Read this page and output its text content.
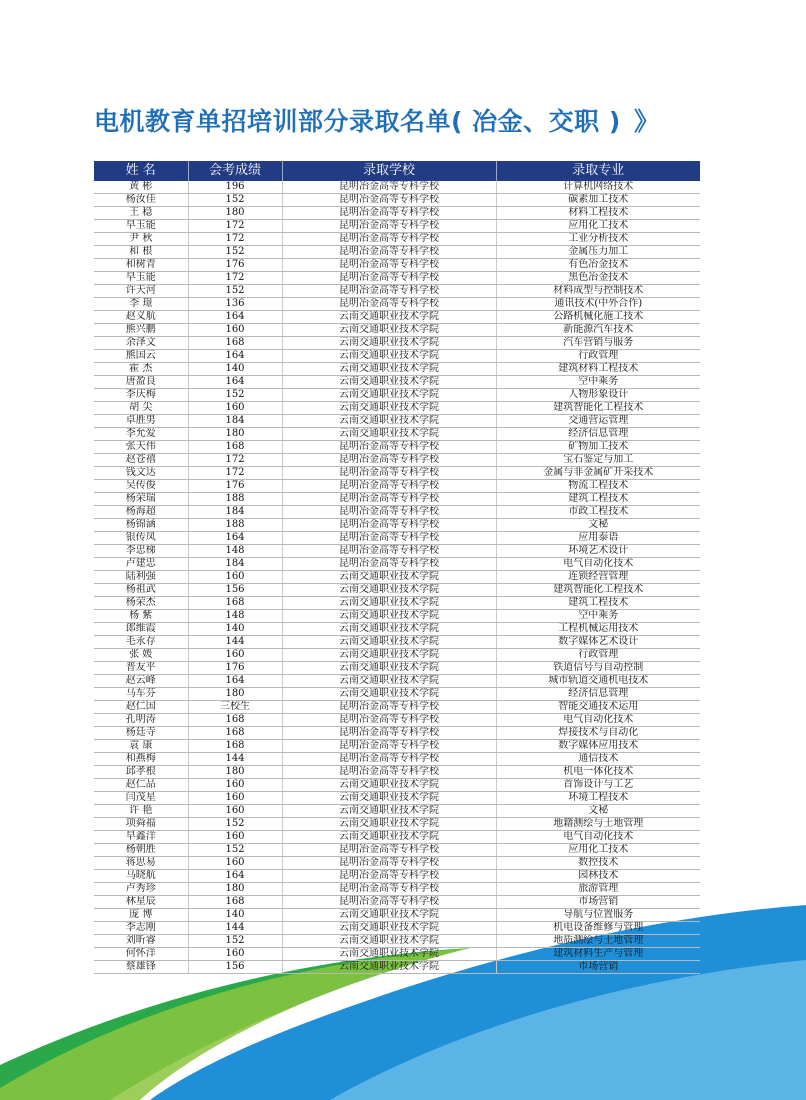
电机教育单招培训部分录取名单( 冶金、交职 ) 》
姓 名	会考成绩	录取学校	录取专业
黄 彬	196	昆明冶金高等专科学校	计算机网络技术
杨汝佳	152	昆明冶金高等专科学校	碳素加工技术
王 稳	180	昆明冶金高等专科学校	材料工程技术
早玉能	172	昆明冶金高等专科学校	应用化工技术
尹 秋	172	昆明冶金高等专科学校	工业分析技术
和 根	152	昆明冶金高等专科学校	金属压力加工
和树青	176	昆明冶金高等专科学校	有色冶金技术
早玉能	172	昆明冶金高等专科学校	黑色冶金技术
许天河	152	昆明冶金高等专科学校	材料成型与控制技术
李 璟	136	昆明冶金高等专科学校	通讯技术(中外合作)
赵义航	164	云南交通职业技术学院	公路机械化施工技术
熊兴鹏	160	云南交通职业技术学院	新能源汽车技术
余泽文	168	云南交通职业技术学院	汽车营销与服务
熊国云	164	云南交通职业技术学院	行政管理
霍 杰	140	云南交通职业技术学院	建筑材料工程技术
唐盈良	164	云南交通职业技术学院	空中乘务
李庆梅	152	云南交通职业技术学院	人物形象设计
胡 尖	160	云南交通职业技术学院	建筑智能化工程技术
卓胜男	184	云南交通职业技术学院	交通营运管理
李允爱	180	云南交通职业技术学院	经济信息管理
张天伟	168	昆明冶金高等专科学校	矿物加工技术
赵苍禧	172	昆明冶金高等专科学校	宝石鉴定与加工
钱文达	172	昆明冶金高等专科学校	金属与非金属矿开采技术
吴传俊	176	昆明冶金高等专科学校	物流工程技术
杨荣瑞	188	昆明冶金高等专科学校	建筑工程技术
杨海超	184	昆明冶金高等专科学校	市政工程技术
杨锦涵	188	昆明冶金高等专科学校	文秘
银传凤	164	昆明冶金高等专科学校	应用泰语
李忠梯	148	昆明冶金高等专科学校	环境艺术设计
卢建忠	184	昆明冶金高等专科学校	电气自动化技术
陆利强	160	云南交通职业技术学院	连锁经营管理
杨祖武	156	云南交通职业技术学院	建筑智能化工程技术
杨荣杰	168	云南交通职业技术学院	建筑工程技术
杨 紫	148	云南交通职业技术学院	空中乘务
郎维霞	140	云南交通职业技术学院	工程机械运用技术
毛永存	144	云南交通职业技术学院	数字媒体艺术设计
张 媛	160	云南交通职业技术学院	行政管理
普友平	176	云南交通职业技术学院	铁道信号与自动控制
赵云峰	164	云南交通职业技术学院	城市轨道交通机电技术
马车芬	180	云南交通职业技术学院	经济信息管理
赵仁国	三校生	昆明冶金高等专科学校	智能交通技术运用
孔明涛	168	昆明冶金高等专科学校	电气自动化技术
杨廷寺	168	昆明冶金高等专科学校	焊接技术与自动化
袁 康	168	昆明冶金高等专科学校	数字媒体应用技术
和燕梅	144	昆明冶金高等专科学校	通信技术
邱孝根	180	昆明冶金高等专科学校	机电一体化技术
赵仁品	160	云南交通职业技术学院	首饰设计与工艺
闫茂星	160	云南交通职业技术学院	环境工程技术
许 艳	160	云南交通职业技术学院	文秘
项舜福	152	云南交通职业技术学院	地籍测绘与土地管理
早鑫洋	160	云南交通职业技术学院	电气自动化技术
杨朝胜	152	昆明冶金高等专科学校	应用化工技术
蒋思易	160	昆明冶金高等专科学校	数控技术
马晓航	164	昆明冶金高等专科学校	园林技术
卢秀珍	180	昆明冶金高等专科学校	旅游管理
林星辰	168	昆明冶金高等专科学校	市场营销
庞 博	140	云南交通职业技术学院	导航与位置服务
李志刚	144	云南交通职业技术学院	机电设备维修与管理
刘昕睿	152	云南交通职业技术学院	地质测绘与土地管理
何怀洋	160	云南交通职业技术学院	建筑材料生产与管理
蔡雄锋	156	云南交通职业技术学院	市场营销
